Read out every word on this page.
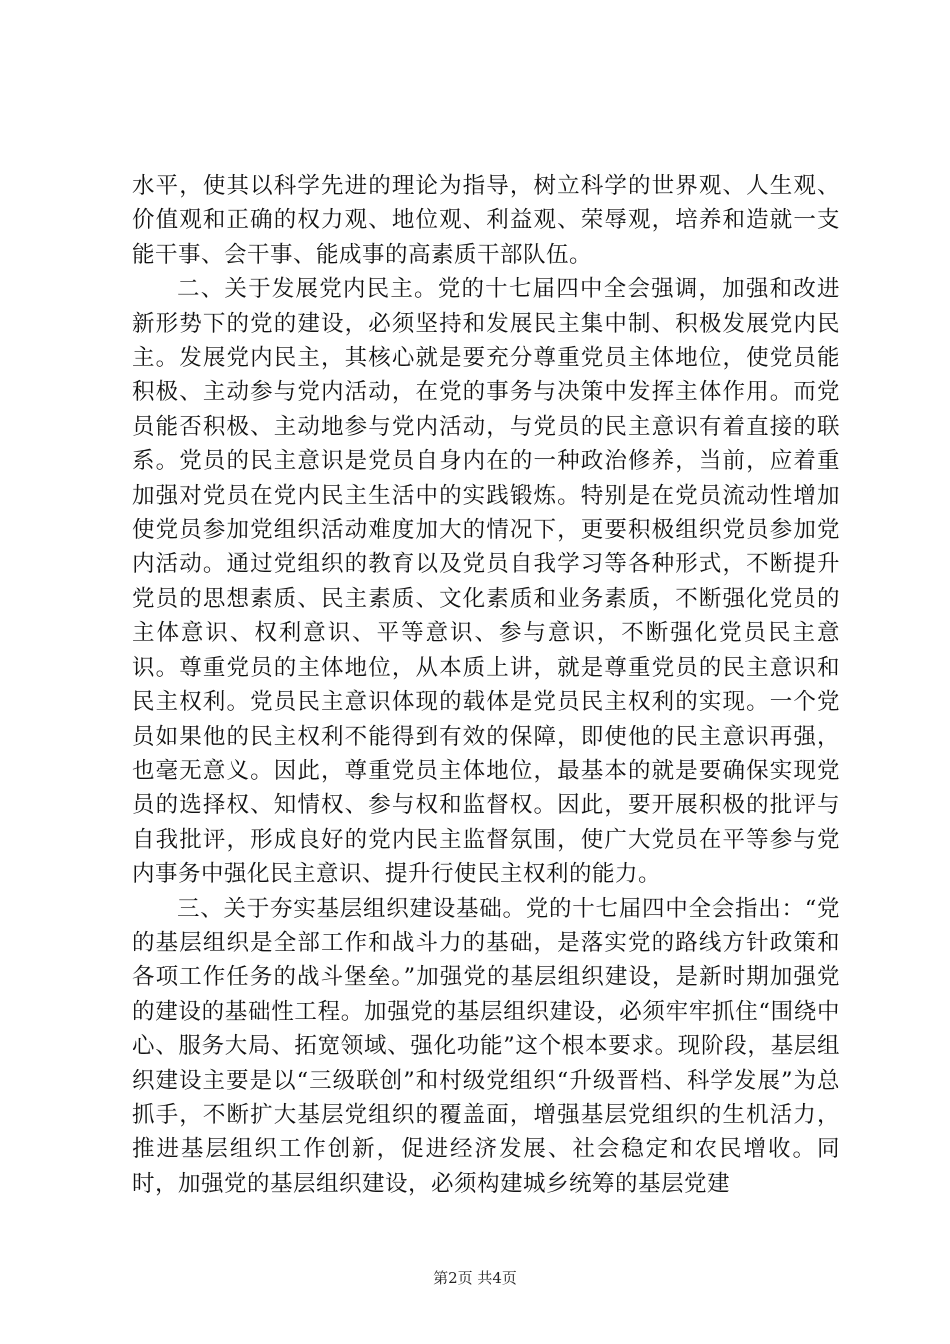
水平，使其以科学先进的理论为指导，树立科学的世界观、人生观、价值观和正确的权力观、地位观、利益观、荣辱观，培养和造就一支能干事、会干事、能成事的高素质干部队伍。

二、关于发展党内民主。党的十七届四中全会强调，加强和改进新形势下的党的建设，必须坚持和发展民主集中制、积极发展党内民主。发展党内民主，其核心就是要充分尊重党员主体地位，使党员能积极、主动参与党内活动，在党的事务与决策中发挥主体作用。而党员能否积极、主动地参与党内活动，与党员的民主意识有着直接的联系。党员的民主意识是党员自身内在的一种政治修养，当前，应着重加强对党员在党内民主生活中的实践锻炼。特别是在党员流动性增加使党员参加党组织活动难度加大的情况下，更要积极组织党员参加党内活动。通过党组织的教育以及党员自我学习等各种形式，不断提升党员的思想素质、民主素质、文化素质和业务素质，不断强化党员的主体意识、权利意识、平等意识、参与意识，不断强化党员民主意识。尊重党员的主体地位，从本质上讲，就是尊重党员的民主意识和民主权利。党员民主意识体现的载体是党员民主权利的实现。一个党员如果他的民主权利不能得到有效的保障，即使他的民主意识再强，也毫无意义。因此，尊重党员主体地位，最基本的就是要确保实现党员的选择权、知情权、参与权和监督权。因此，要开展积极的批评与自我批评，形成良好的党内民主监督氛围，使广大党员在平等参与党内事务中强化民主意识、提升行使民主权利的能力。

三、关于夯实基层组织建设基础。党的十七届四中全会指出：“党的基层组织是全部工作和战斗力的基础，是落实党的路线方针政策和各项工作任务的战斗堡垒。”加强党的基层组织建设，是新时期加强党的建设的基础性工程。加强党的基层组织建设，必须牢牢抓住“围绕中心、服务大局、拓宽领域、强化功能”这个根本要求。现阶段，基层组织建设主要是以“三级联创”和村级党组织“升级晋档、科学发展”为总抓手，不断扩大基层党组织的覆盖面，增强基层党组织的生机活力，推进基层组织工作创新，促进经济发展、社会稳定和农民增收。同时，加强党的基层组织建设，必须构建城乡统筹的基层党建

第2页 共4页
